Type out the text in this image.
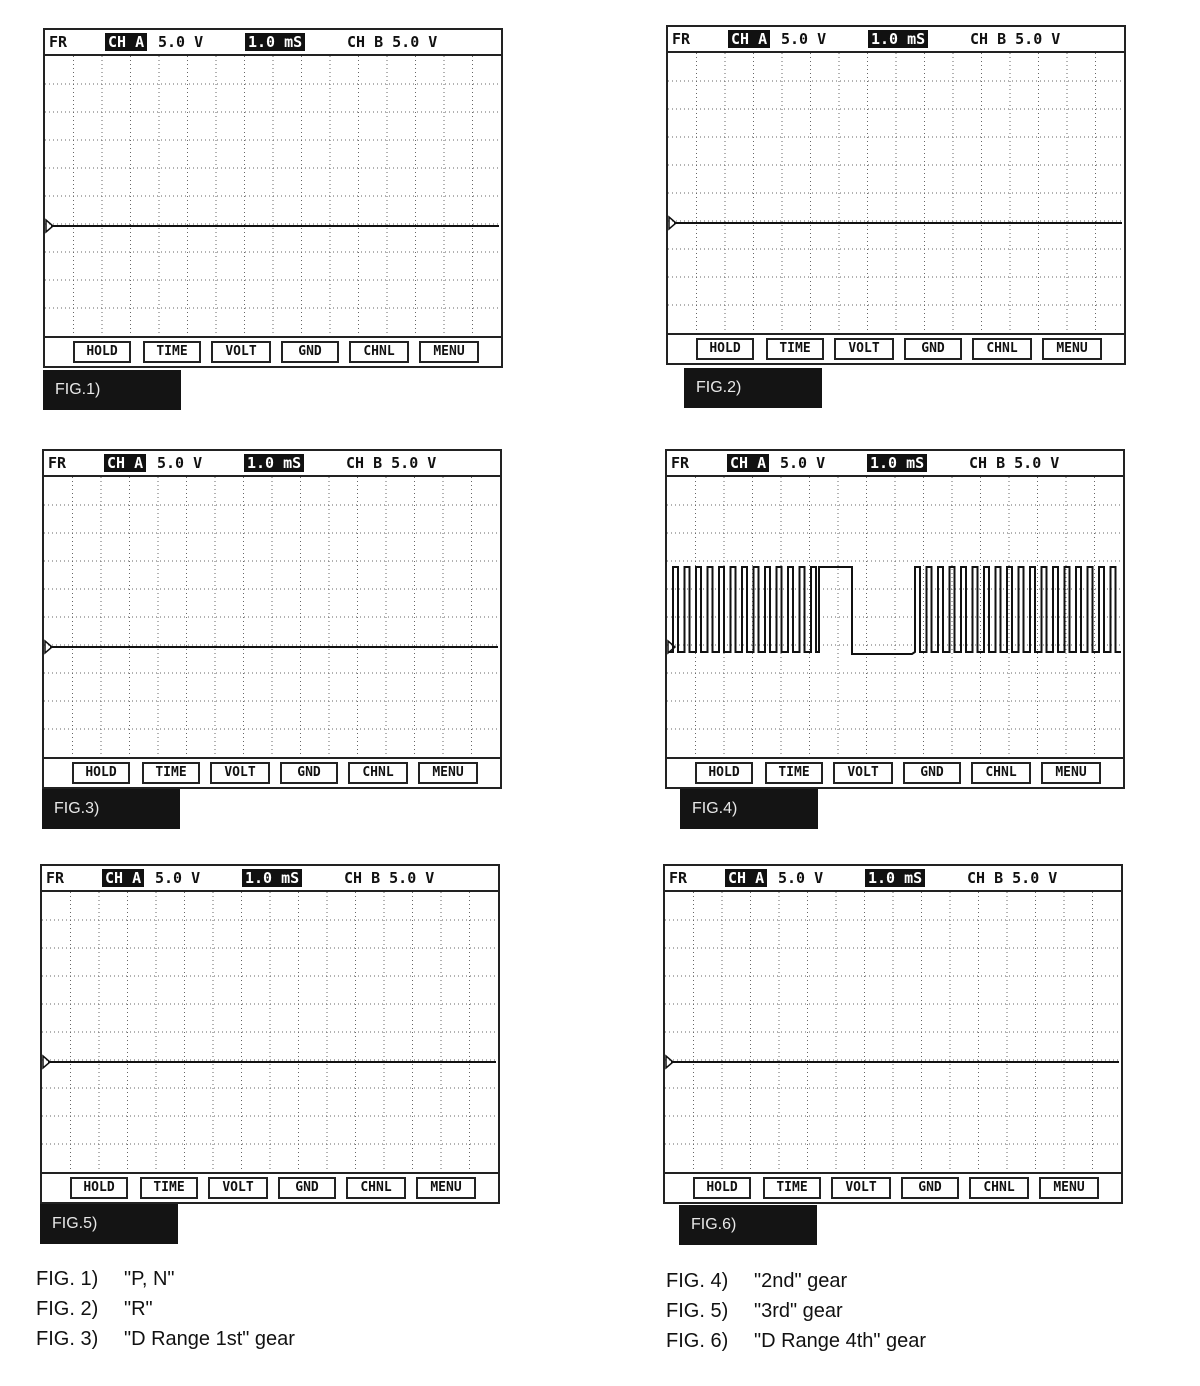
FR	CH A 5.0 V	1.0 mS	CH B 5.0 V
HOLD	TIME	VOLT	GND	CHNL	MENU
FIG.1)
FR	CH A 5.0 V	1.0 mS	CH B 5.0 V
HOLD	TIME	VOLT	GND	CHNL	MENU
FIG.2)
FR	CH A 5.0 V	1.0 mS	CH B 5.0 V
HOLD	TIME	VOLT	GND	CHNL	MENU
FIG.3)
FR	CH A 5.0 V	1.0 mS	CH B 5.0 V
HOLD	TIME	VOLT	GND	CHNL	MENU
FIG.4)
FR	CH A 5.0 V	1.0 mS	CH B 5.0 V
HOLD	TIME	VOLT	GND	CHNL	MENU
FIG.5)
FR	CH A 5.0 V	1.0 mS	CH B 5.0 V
HOLD	TIME	VOLT	GND	CHNL	MENU
FIG.6)
FIG. 1) "P, N"
FIG. 2) "R"
FIG. 3) "D Range 1st" gear
FIG. 4) "2nd" gear
FIG. 5) "3rd" gear
FIG. 6) "D Range 4th" gear
